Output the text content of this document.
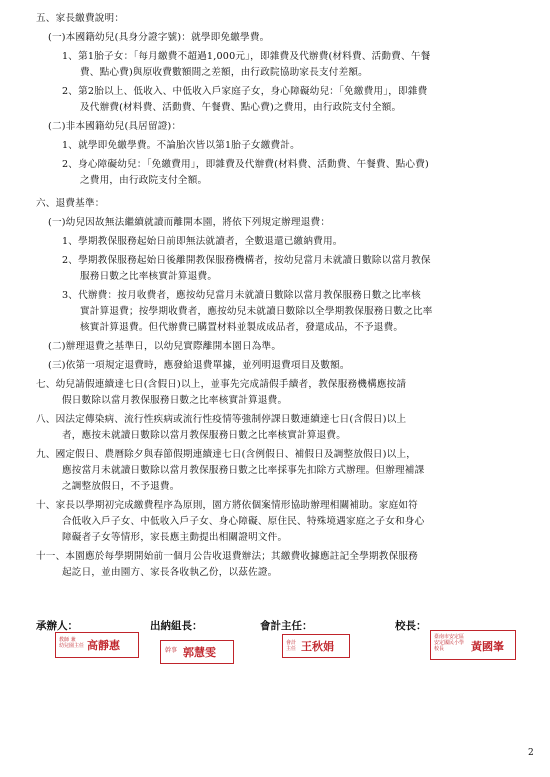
五、家長繳費說明：
(一)本國籍幼兒(具身分證字號)：就學即免繳學費。
1、第1胎子女：「每月繳費不超過1,000元」，即雜費及代辦費(材料費、活動費、午餐
費、點心費)與原收費數額間之差額，由行政院協助家長支付差額。
2、第2胎以上、低收入、中低收入戶家庭子女，身心障礙幼兒：「免繳費用」，即雜費
及代辦費(材料費、活動費、午餐費、點心費)之費用，由行政院支付全額。
(二)非本國籍幼兒(具居留證)：
1、就學即免繳學費。不論胎次皆以第1胎子女繳費計。
2、身心障礙幼兒：「免繳費用」，即雜費及代辦費(材料費、活動費、午餐費、點心費)
之費用，由行政院支付全額。
六、退費基準：
(一)幼兒因故無法繼續就讀而離開本園，將依下列規定辦理退費：
1、學期教保服務起始日前即無法就讀者，全數退還已繳納費用。
2、學期教保服務起始日後離開教保服務機構者，按幼兒當月未就讀日數除以當月教保
服務日數之比率核實計算退費。
3、代辦費：按月收費者，應按幼兒當月未就讀日數除以當月教保服務日數之比率核
實計算退費；按學期收費者，應按幼兒未就讀日數除以全學期教保服務日數之比率
核實計算退費。但代辦費已購置材料並製成成品者，發還成品，不予退費。
(二)辦理退費之基準日，以幼兒實際離開本園日為準。
(三)依第一項規定退費時，應發給退費單據，並列明退費項目及數額。
七、幼兒請假連續達七日(含假日)以上，並事先完成請假手續者，教保服務機構應按請
假日數除以當月教保服務日數之比率核實計算退費。
八、因法定傳染病、流行性疾病或流行性疫情等強制停課日數連續達七日(含假日)以上
者，應按未就讀日數除以當月教保服務日數之比率核實計算退費。
九、國定假日、農曆除夕與春節假期連續達七日(含例假日、補假日及調整放假日)以上，
應按當月未就讀日數除以當月教保服務日數之比率採事先扣除方式辦理。但辦理補課
之調整放假日，不予退費。
十、家長以學期初完成繳費程序為原則，園方將依個案情形協助辦理相關補助。家庭如符
合低收入戶子女、中低收入戶子女、身心障礙、原住民、特殊境遇家庭之子女和身心
障礙者子女等情形，家長應主動提出相關證明文件。
十一、本園應於每學期開始前一個月公告收退費辦法；其繳費收據應註記全學期教保服務
起訖日，並由園方、家長各收執乙份，以茲佐證。
承辦人：	出納組長：	會計主任：	校長：
教師 兼
幼兒園主任 高靜惠	幹事 郭慧雯
會計
主任 王秋娟
臺南市安定區
安定國民小學
校長	黃國峯
2
